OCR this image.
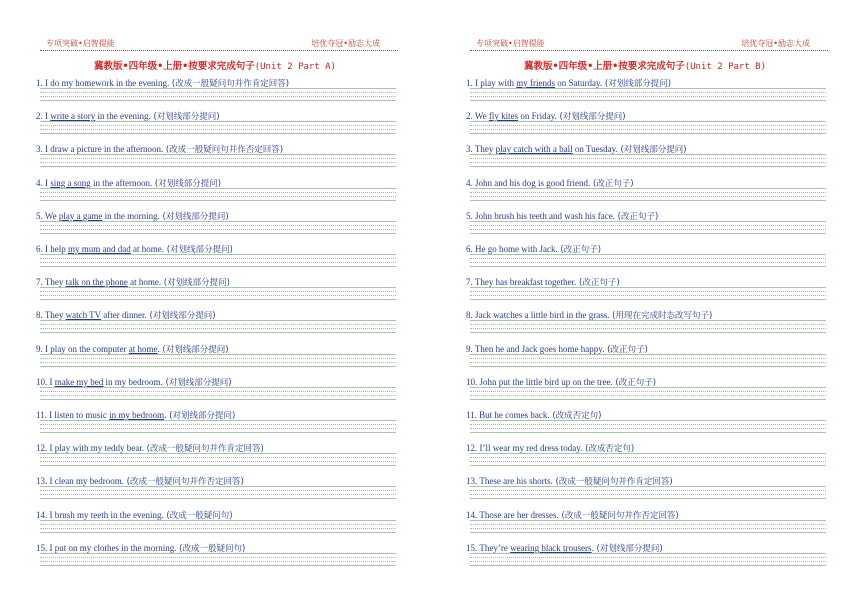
专项突破•启智提能	培优夺冠•励志大成
冀教版•四年级•上册•按要求完成句子(Unit 2 Part A)
1. I do my homework in the evening. (改成一般疑问句并作肯定回答)
2. I write a story in the evening. (对划线部分提问)
3. I draw a picture in the afternoon. (改成一般疑问句并作否定回答)
4. I sing a song in the afternoon. (对划线部分提问)
5. We play a game in the morning. (对划线部分提问)
6. I help my mum and dad at home. (对划线部分提问)
7. They talk on the phone at home. (对划线部分提问)
8. They watch TV after dinner. (对划线部分提问)
9. I play on the computer at home. (对划线部分提问)
10. I make my bed in my bedroom. (对划线部分提问)
11. I listen to music in my bedroom. (对划线部分提问)
12. I play with my teddy bear. (改成一般疑问句并作肯定回答)
13. I clean my bedroom. (改成一般疑问句并作否定回答)
14. I brush my teeth in the evening. (改成一般疑问句)
15. I put on my clothes in the morning. (改成一般疑问句)
专项突破•启智提能	培优夺冠•励志大成
冀教版•四年级•上册•按要求完成句子(Unit 2 Part B)
1. I play with my friends on Saturday. (对划线部分提问)
2. We fly kites on Friday. (对划线部分提问)
3. They play catch with a ball on Tuesday. (对划线部分提问)
4. John and his dog is good friend. (改正句子)
5. John brush his teeth and wash his face. (改正句子)
6. He go home with Jack. (改正句子)
7. They has breakfast together. (改正句子)
8. Jack watches a little bird in the grass. (用现在完成时态改写句子)
9. Then he and Jack goes home happy. (改正句子)
10. John put the little bird up on the tree. (改正句子)
11. But he comes back. (改成否定句)
12. I’ll wear my red dress today. (改成否定句)
13. These are his shorts. (改成一般疑问句并作肯定回答)
14. Those are her dresses. (改成一般疑问句并作否定回答)
15. They’re wearing black trousers. (对划线部分提问)
